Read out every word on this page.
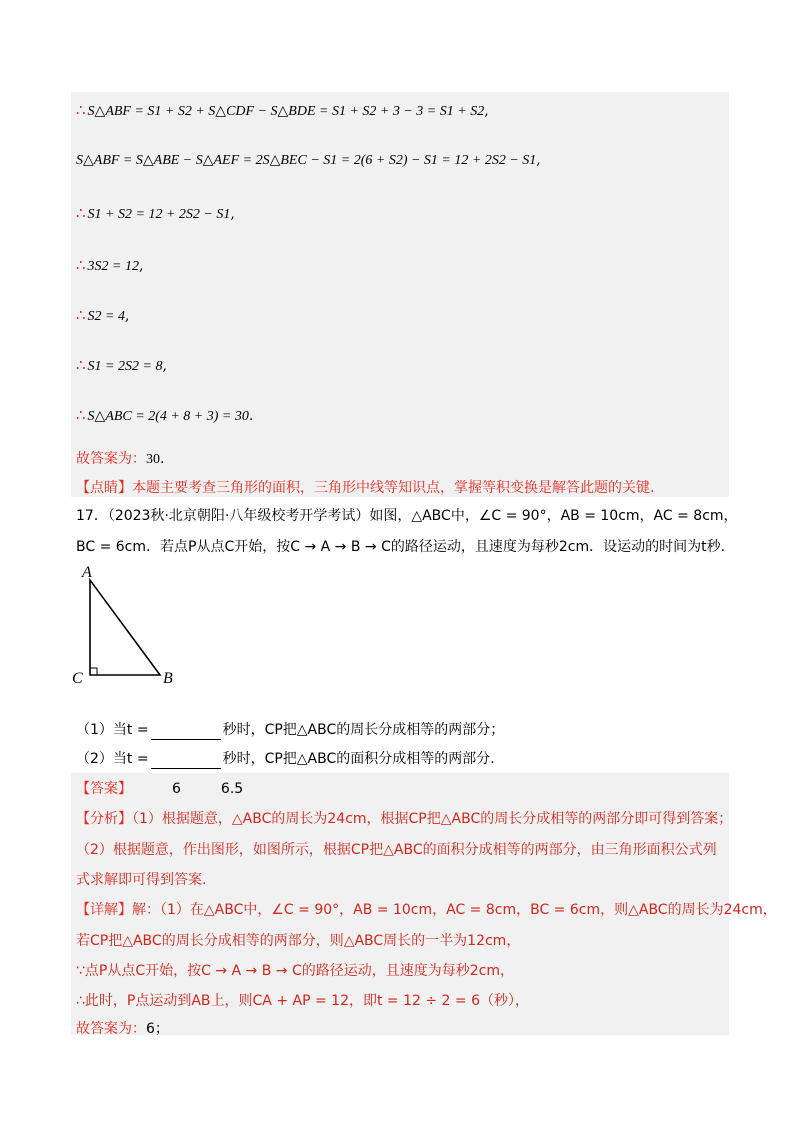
∴ S△ABF = S1 + S2 + S△CDF − S△BDE = S1 + S2 + 3 − 3 = S1 + S2,
S△ABF = S△ABE − S△AEF = 2S△BEC − S1 = 2(6 + S2) − S1 = 12 + 2S2 − S1,
∴ S1 + S2 = 12 + 2S2 − S1,
∴ 3S2 = 12,
∴ S2 = 4,
∴ S1 = 2S2 = 8,
∴ S△ABC = 2(4 + 8 + 3) = 30.
故答案为：30.
【点睛】本题主要考查三角形的面积，三角形中线等知识点，掌握等积变换是解答此题的关键.
17．（2023秋·北京朝阳·八年级校考开学考试）如图，△ABC中，∠C = 90°，AB = 10cm，AC = 8cm，
BC = 6cm．若点P从点C开始，按C → A → B → C的路径运动，且速度为每秒2cm．设运动的时间为t秒.
A
C	B
（1）当t =	秒时，CP把△ABC的周长分成相等的两部分；
（2）当t =	秒时，CP把△ABC的面积分成相等的两部分.
【答案】	6	6.5
【分析】（1）根据题意，△ABC的周长为24cm，根据CP把△ABC的周长分成相等的两部分即可得到答案；
（2）根据题意，作出图形，如图所示，根据CP把△ABC的面积分成相等的两部分，由三角形面积公式列
式求解即可得到答案.
【详解】解：（1）在△ABC中，∠C = 90°，AB = 10cm，AC = 8cm，BC = 6cm，则△ABC的周长为24cm，
若CP把△ABC的周长分成相等的两部分，则△ABC周长的一半为12cm，
∵点P从点C开始，按C → A → B → C的路径运动，且速度为每秒2cm，
∴此时，P点运动到AB上，则CA + AP = 12，即t = 12 ÷ 2 = 6（秒），
故答案为：6；
